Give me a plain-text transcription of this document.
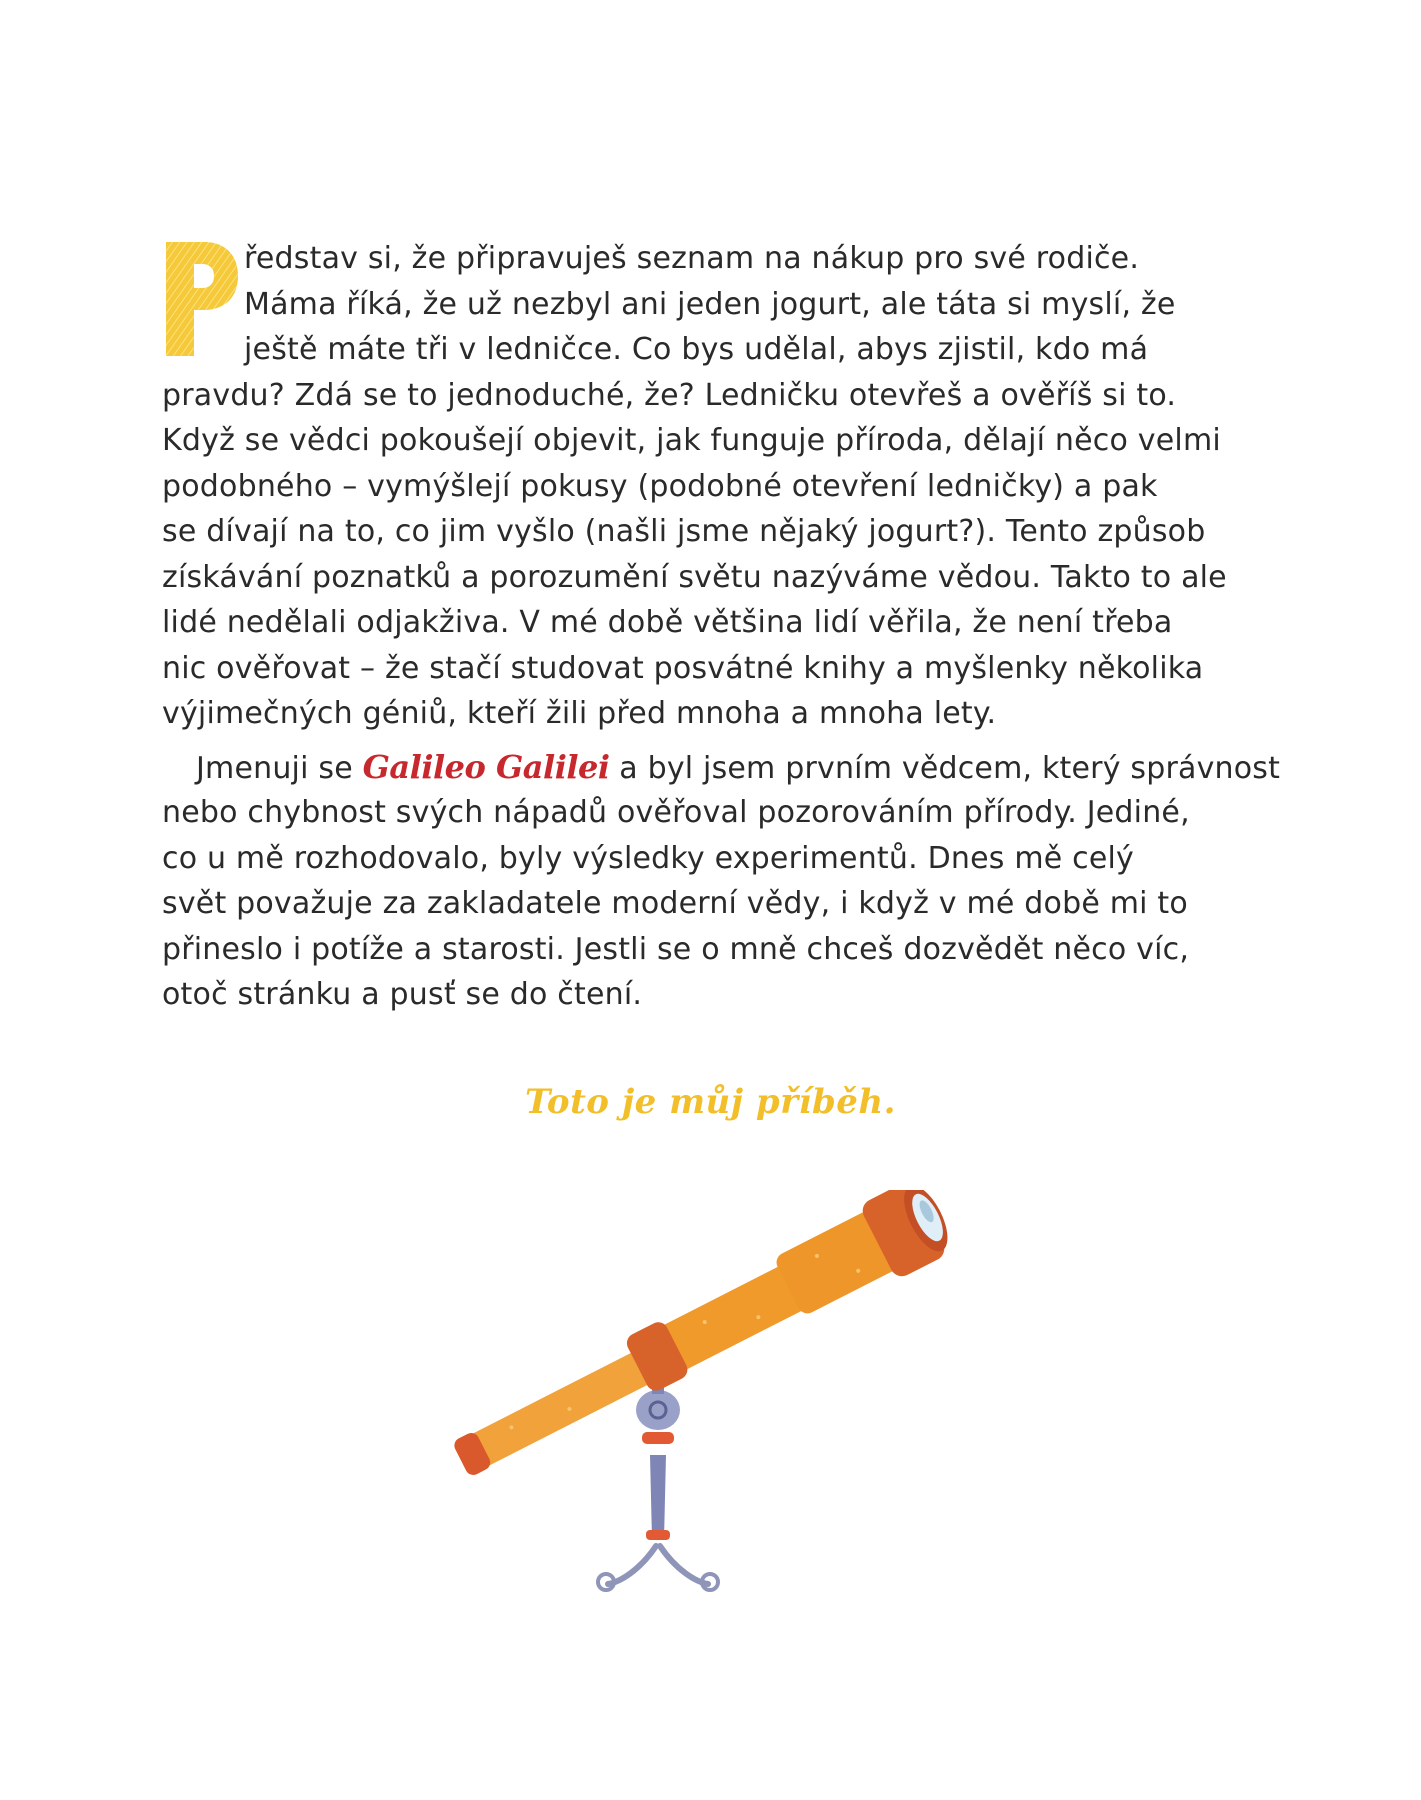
ředstav si, že připravuješ seznam na nákup pro své rodiče.
Máma říká, že už nezbyl ani jeden jogurt, ale táta si myslí, že
ještě máte tři v ledničce. Co bys udělal, abys zjistil, kdo má
pravdu? Zdá se to jednoduché, že? Ledničku otevřeš a ověříš si to.
Když se vědci pokoušejí objevit, jak funguje příroda, dělají něco velmi
podobného – vymýšlejí pokusy (podobné otevření ledničky) a pak
se dívají na to, co jim vyšlo (našli jsme nějaký jogurt?). Tento způsob
získávání poznatků a porozumění světu nazýváme vědou. Takto to ale
lidé nedělali odjakživa. V mé době většina lidí věřila, že není třeba
nic ověřovat – že stačí studovat posvátné knihy a myšlenky několika
výjimečných géniů, kteří žili před mnoha a mnoha lety.
Jmenuji se Galileo Galilei a byl jsem prvním vědcem, který správnost
nebo chybnost svých nápadů ověřoval pozorováním přírody. Jediné,
co u mě rozhodovalo, byly výsledky experimentů. Dnes mě celý
svět považuje za zakladatele moderní vědy, i když v mé době mi to
přineslo i potíže a starosti. Jestli se o mně chceš dozvědět něco víc,
otoč stránku a pusť se do čtení.
Toto je můj příběh.
